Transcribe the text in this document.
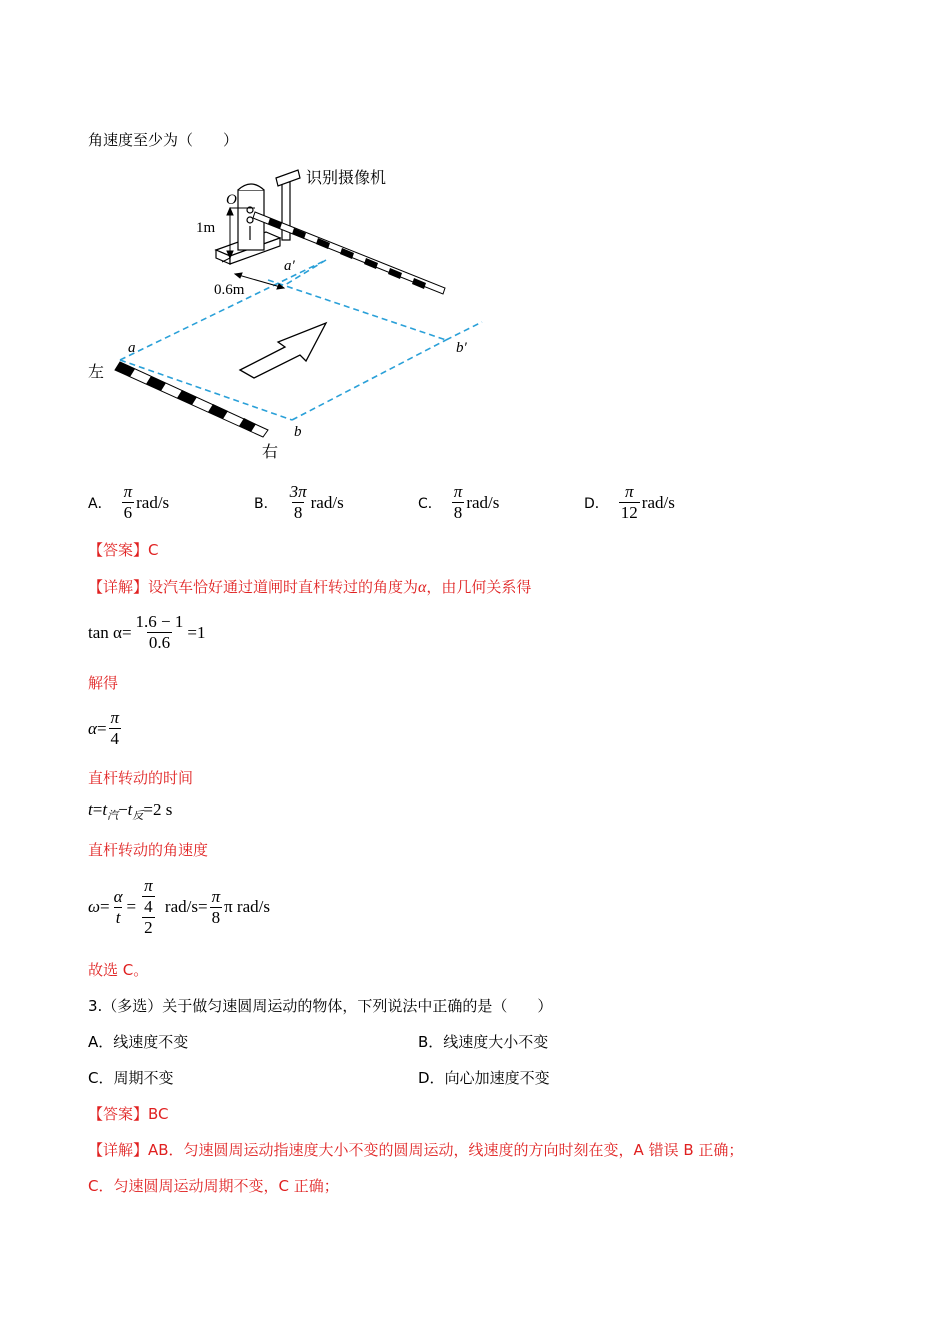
角速度至少为（　　）
O
识别摄像机
1m
0.6m
a′
b′
a
b
左
右
A． $\frac{\pi}{6} rad/s$	B． $\frac{3\pi}{8} rad/s$	C． $\frac{\pi}{8} rad/s$	D． $\frac{\pi}{12} rad/s$
【答案】C
【详解】设汽车恰好通过道闸时直杆转过的角度为α，由几何关系得
$\tan \alpha = \frac{1.6 - 1}{0.6} =1$
解得
$\alpha = \frac{\pi}{4}$
直杆转动的时间
t = t 汽 − t 反 =2 s
直杆转动的角速度
$\omega = \frac{\alpha}{t} = \frac{\frac{\pi}{4}}{2} rad/s= \frac{\pi}{8}$ π rad/s
故选 C。
3.（多选）关于做匀速圆周运动的物体，下列说法中正确的是（　　）
A．线速度不变	B．线速度大小不变
C．周期不变	D．向心加速度不变
【答案】BC
【详解】AB．匀速圆周运动指速度大小不变的圆周运动，线速度的方向时刻在变，A 错误 B 正确；
C．匀速圆周运动周期不变，C 正确；
